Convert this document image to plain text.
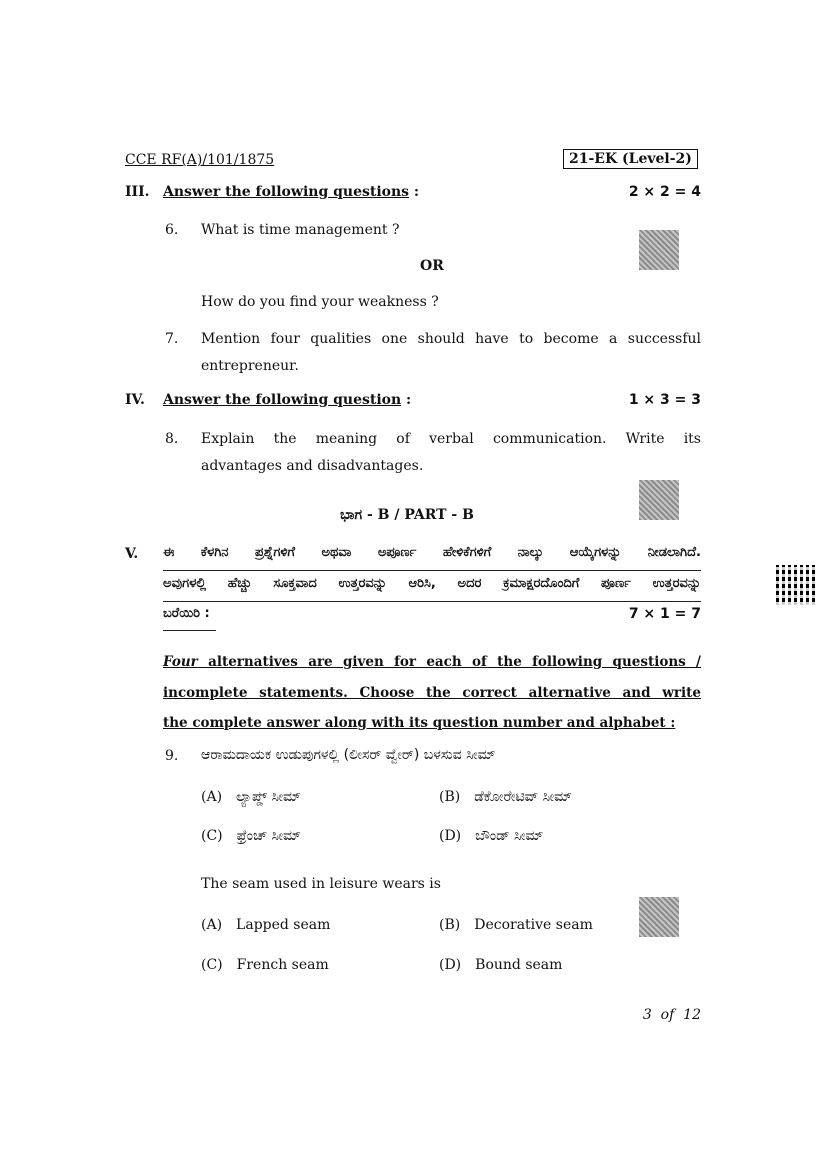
CCE RF(A)/101/1875	21-EK (Level-2)
III. Answer the following questions :	2 × 2 = 4
6. What is time management ?
OR
How do you find your weakness ?
7. Mention four qualities one should have to become a successful
entrepreneur.
IV. Answer the following question :	1 × 3 = 3
8. Explain the meaning of verbal communication. Write its
advantages and disadvantages.
ಭಾಗ - B / PART - B
V. ಈ ಕೆಳಗಿನ ಪ್ರಶ್ನೆಗಳಿಗೆ ಅಥವಾ ಅಪೂರ್ಣ ಹೇಳಿಕೆಗಳಿಗೆ ನಾಲ್ಕು ಆಯ್ಕೆಗಳನ್ನು ನೀಡಲಾಗಿದೆ.
ಅವುಗಳಲ್ಲಿ ಹೆಚ್ಚು ಸೂಕ್ತವಾದ ಉತ್ತರವನ್ನು ಆರಿಸಿ, ಅದರ ಕ್ರಮಾಕ್ಷರದೊಂದಿಗೆ ಪೂರ್ಣ ಉತ್ತರವನ್ನು
ಬರೆಯಿರಿ :	7 × 1 = 7
Four alternatives are given for each of the following questions /
incomplete statements. Choose the correct alternative and write
the complete answer along with its question number and alphabet :
9. ಆರಾಮದಾಯಕ ಉಡುಪುಗಳಲ್ಲಿ (ಲೀಸರ್ ವ್ವೇರ್) ಬಳಸುವ ಸೀಮ್
(A) ಲ್ಯಾಪ್ಡ್ ಸೀಮ್	(B) ಡೆಕೋರೇಟಿವ್ ಸೀಮ್
(C) ಫ್ರೆಂಚ್ ಸೀಮ್	(D) ಬೌಂಡ್ ಸೀಮ್
The seam used in leisure wears is
(A) Lapped seam	(B) Decorative seam
(C) French seam	(D) Bound seam
3  of  12
